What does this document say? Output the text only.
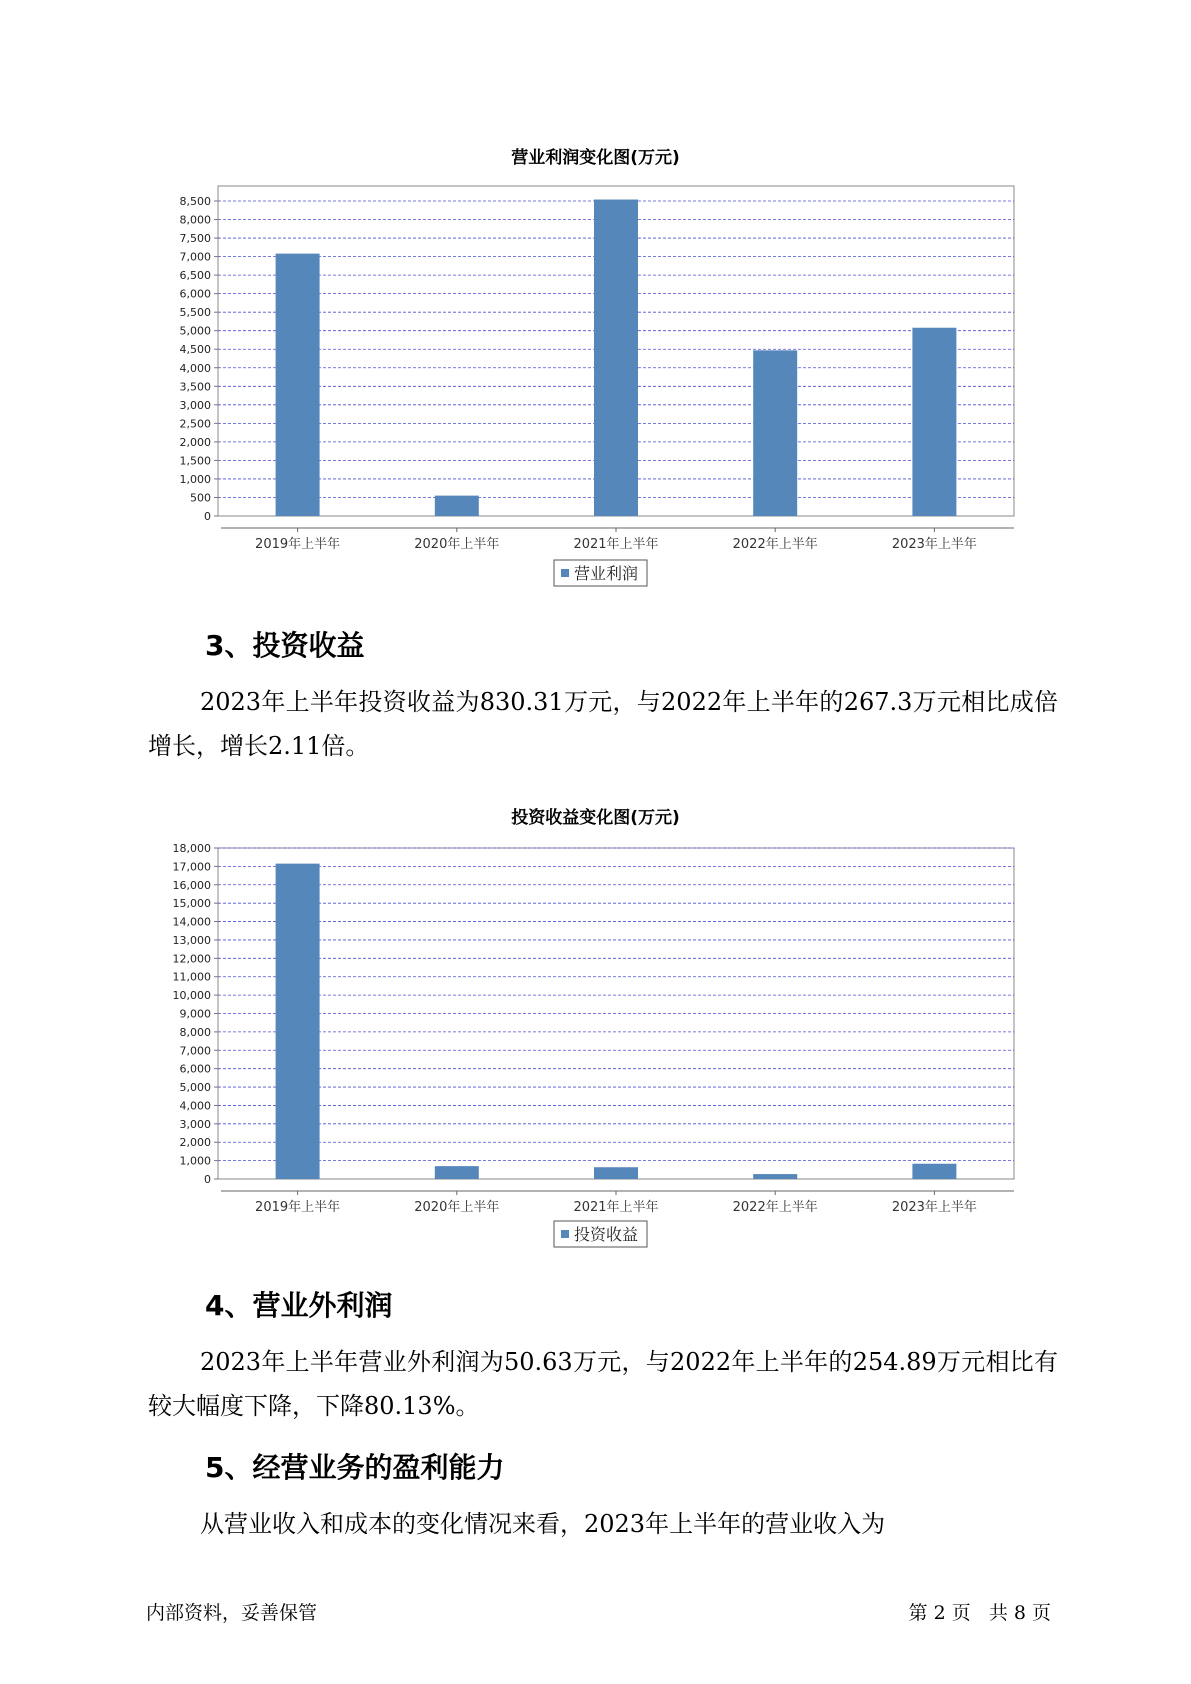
营业利润变化图(万元)
0
500
1,000
1,500
2,000
2,500
3,000
3,500
4,000
4,500
5,000
5,500
6,000
6,500
7,000
7,500
8,000
8,500
2019年上半年	2020年上半年	2021年上半年	2022年上半年	2023年上半年
营业利润
3、投资收益
2023年上半年投资收益为830.31万元，与2022年上半年的267.3万元相比成倍增长，增长2.11倍。
投资收益变化图(万元)
0
1,000
2,000
3,000
4,000
5,000
6,000
7,000
8,000
9,000
10,000
11,000
12,000
13,000
14,000
15,000
16,000
17,000
18,000
2019年上半年	2020年上半年	2021年上半年	2022年上半年	2023年上半年
投资收益
4、营业外利润
2023年上半年营业外利润为50.63万元，与2022年上半年的254.89万元相比有较大幅度下降，下降80.13%。
5、经营业务的盈利能力
从营业收入和成本的变化情况来看，2023年上半年的营业收入为
内部资料，妥善保管	第 2 页   共 8 页
